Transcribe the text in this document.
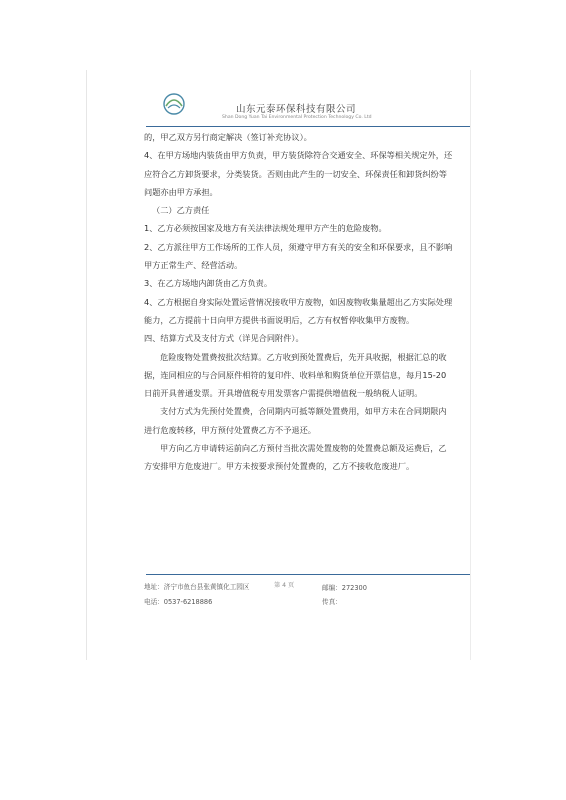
山东元泰环保科技有限公司
Shan Dong Yuan Tai Environmental Protection Technology Co. Ltd

的，甲乙双方另行商定解决（签订补充协议）。

4、在甲方场地内装货由甲方负责，甲方装货除符合交通安全、环保等相关规定外，还应符合乙方卸货要求，分类装货。否则由此产生的一切安全、环保责任和卸货纠纷等问题亦由甲方承担。

（二）乙方责任

1、乙方必须按国家及地方有关法律法规处理甲方产生的危险废物。

2、乙方派往甲方工作场所的工作人员，须遵守甲方有关的安全和环保要求，且不影响甲方正常生产、经营活动。

3、在乙方场地内卸货由乙方负责。

4、乙方根据自身实际处置运营情况接收甲方废物，如因废物收集量超出乙方实际处理能力，乙方提前十日向甲方提供书面说明后，乙方有权暂停收集甲方废物。

四、结算方式及支付方式（详见合同附件）。

危险废物处置费按批次结算。乙方收到预处置费后，先开具收据，根据汇总的收据，连同相应的与合同原件相符的复印件、收料单和购货单位开票信息，每月15-20日前开具普通发票。开具增值税专用发票客户需提供增值税一般纳税人证明。

支付方式为先预付处置费，合同期内可抵等额处置费用，如甲方未在合同期限内进行危废转移，甲方预付处置费乙方不予退还。

甲方向乙方申请转运前向乙方预付当批次需处置废物的处置费总额及运费后，乙方安排甲方危废进厂。甲方未按要求预付处置费的，乙方不接收危废进厂。

地址：济宁市鱼台县张黄镇化工园区	第 4 页	邮编：272300
电话：0537-6218886	传真：
